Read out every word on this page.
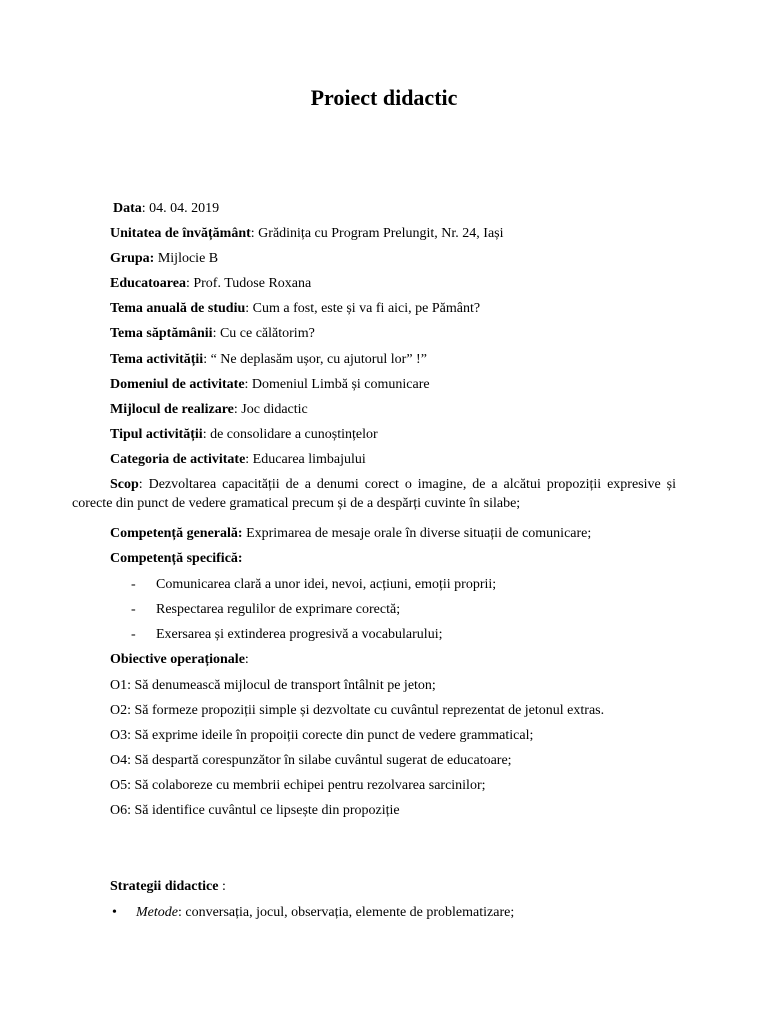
Proiect didactic
Data: 04. 04. 2019
Unitatea de învățământ: Grădinița cu Program Prelungit, Nr. 24, Iași
Grupa: Mijlocie B
Educatoarea: Prof. Tudose Roxana
Tema anuală de studiu: Cum a fost, este și va fi aici, pe Pământ?
Tema săptămânii: Cu ce călătorim?
Tema activității: “ Ne deplasăm ușor, cu ajutorul lor” !”
Domeniul de activitate: Domeniul Limbă și comunicare
Mijlocul de realizare: Joc didactic
Tipul activității: de consolidare a cunoștințelor
Categoria de activitate: Educarea limbajului
Scop: Dezvoltarea capacității de a denumi corect o imagine, de a alcătui propoziții expresive și
corecte din punct de vedere gramatical precum și de a despărți cuvinte în silabe;
Competență generală: Exprimarea de mesaje orale în diverse situații de comunicare;
Competență specifică:
- Comunicarea clară a unor idei, nevoi, acțiuni, emoții proprii;
- Respectarea regulilor de exprimare corectă;
- Exersarea și extinderea progresivă a vocabularului;
Obiective operaționale:
O1: Să denumească mijlocul de transport întâlnit pe jeton;
O2: Să formeze propoziții simple și dezvoltate cu cuvântul reprezentat de jetonul extras.
O3: Să exprime ideile în propoiții corecte din punct de vedere grammatical;
O4: Să despartă corespunzător în silabe cuvântul sugerat de educatoare;
O5: Să colaboreze cu membrii echipei pentru rezolvarea sarcinilor;
O6: Să identifice cuvântul ce lipsește din propoziție
Strategii didactice :
• Metode: conversația, jocul, observația, elemente de problematizare;
